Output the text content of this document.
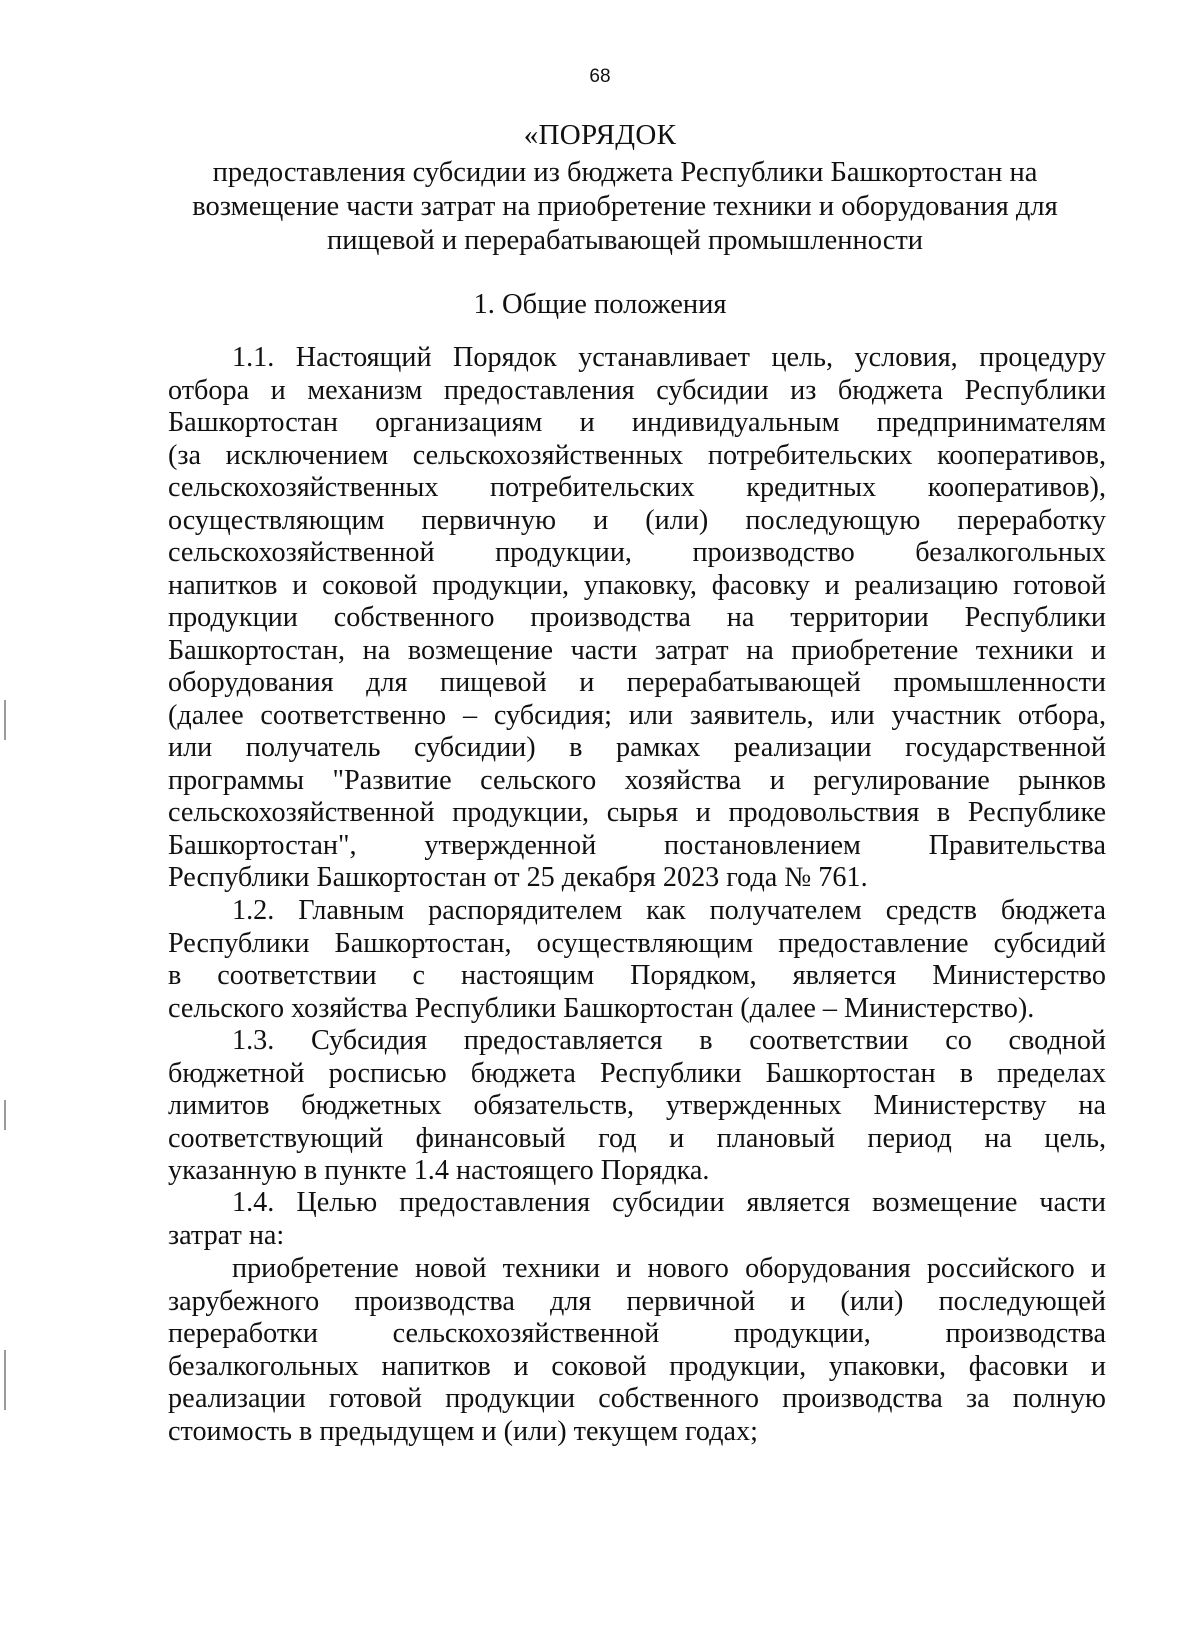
68
«ПОРЯДОК
предоставления субсидии из бюджета Республики Башкортостан на
возмещение части затрат на приобретение техники и оборудования для
пищевой и перерабатывающей промышленности
1. Общие положения
1.1. Настоящий Порядок устанавливает цель, условия, процедуру
отбора и механизм предоставления субсидии из бюджета Республики
Башкортостан организациям и индивидуальным предпринимателям
(за исключением сельскохозяйственных потребительских кооперативов,
сельскохозяйственных потребительских кредитных кооперативов),
осуществляющим первичную и (или) последующую переработку
сельскохозяйственной продукции, производство безалкогольных
напитков и соковой продукции, упаковку, фасовку и реализацию готовой
продукции собственного производства на территории Республики
Башкортостан, на возмещение части затрат на приобретение техники и
оборудования для пищевой и перерабатывающей промышленности
(далее соответственно – субсидия; или заявитель, или участник отбора,
или получатель субсидии) в рамках реализации государственной
программы "Развитие сельского хозяйства и регулирование рынков
сельскохозяйственной продукции, сырья и продовольствия в Республике
Башкортостан", утвержденной постановлением Правительства
Республики Башкортостан от 25 декабря 2023 года № 761.
1.2. Главным распорядителем как получателем средств бюджета
Республики Башкортостан, осуществляющим предоставление субсидий
в соответствии с настоящим Порядком, является Министерство
сельского хозяйства Республики Башкортостан (далее – Министерство).
1.3. Субсидия предоставляется в соответствии со сводной
бюджетной росписью бюджета Республики Башкортостан в пределах
лимитов бюджетных обязательств, утвержденных Министерству на
соответствующий финансовый год и плановый период на цель,
указанную в пункте 1.4 настоящего Порядка.
1.4. Целью предоставления субсидии является возмещение части
затрат на:
приобретение новой техники и нового оборудования российского и
зарубежного производства для первичной и (или) последующей
переработки сельскохозяйственной продукции, производства
безалкогольных напитков и соковой продукции, упаковки, фасовки и
реализации готовой продукции собственного производства за полную
стоимость в предыдущем и (или) текущем годах;
